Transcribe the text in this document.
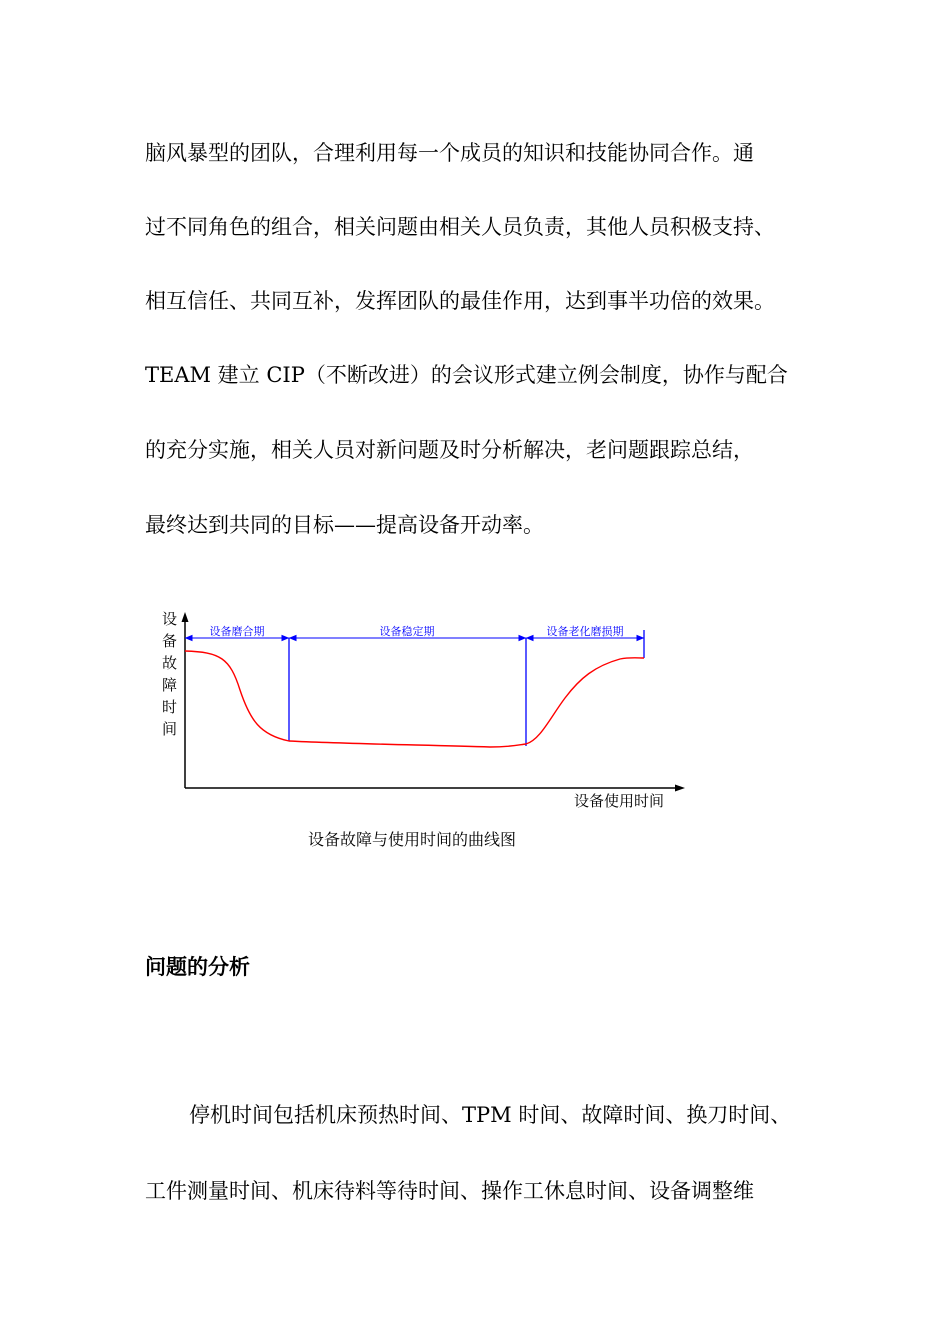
脑风暴型的团队，合理利用每一个成员的知识和技能协同合作。通
过不同角色的组合，相关问题由相关人员负责，其他人员积极支持、
相互信任、共同互补，发挥团队的最佳作用，达到事半功倍的效果。
TEAM 建立 CIP（不断改进）的会议形式建立例会制度，协作与配合
的充分实施，相关人员对新问题及时分析解决，老问题跟踪总结，
最终达到共同的目标——提高设备开动率。
设
备
故
障
时
间
设备使用时间
设备磨合期	设备稳定期	设备老化磨损期
设备故障与使用时间的曲线图
问题的分析
停机时间包括机床预热时间、TPM 时间、故障时间、换刀时间、
工件测量时间、机床待料等待时间、操作工休息时间、设备调整维
